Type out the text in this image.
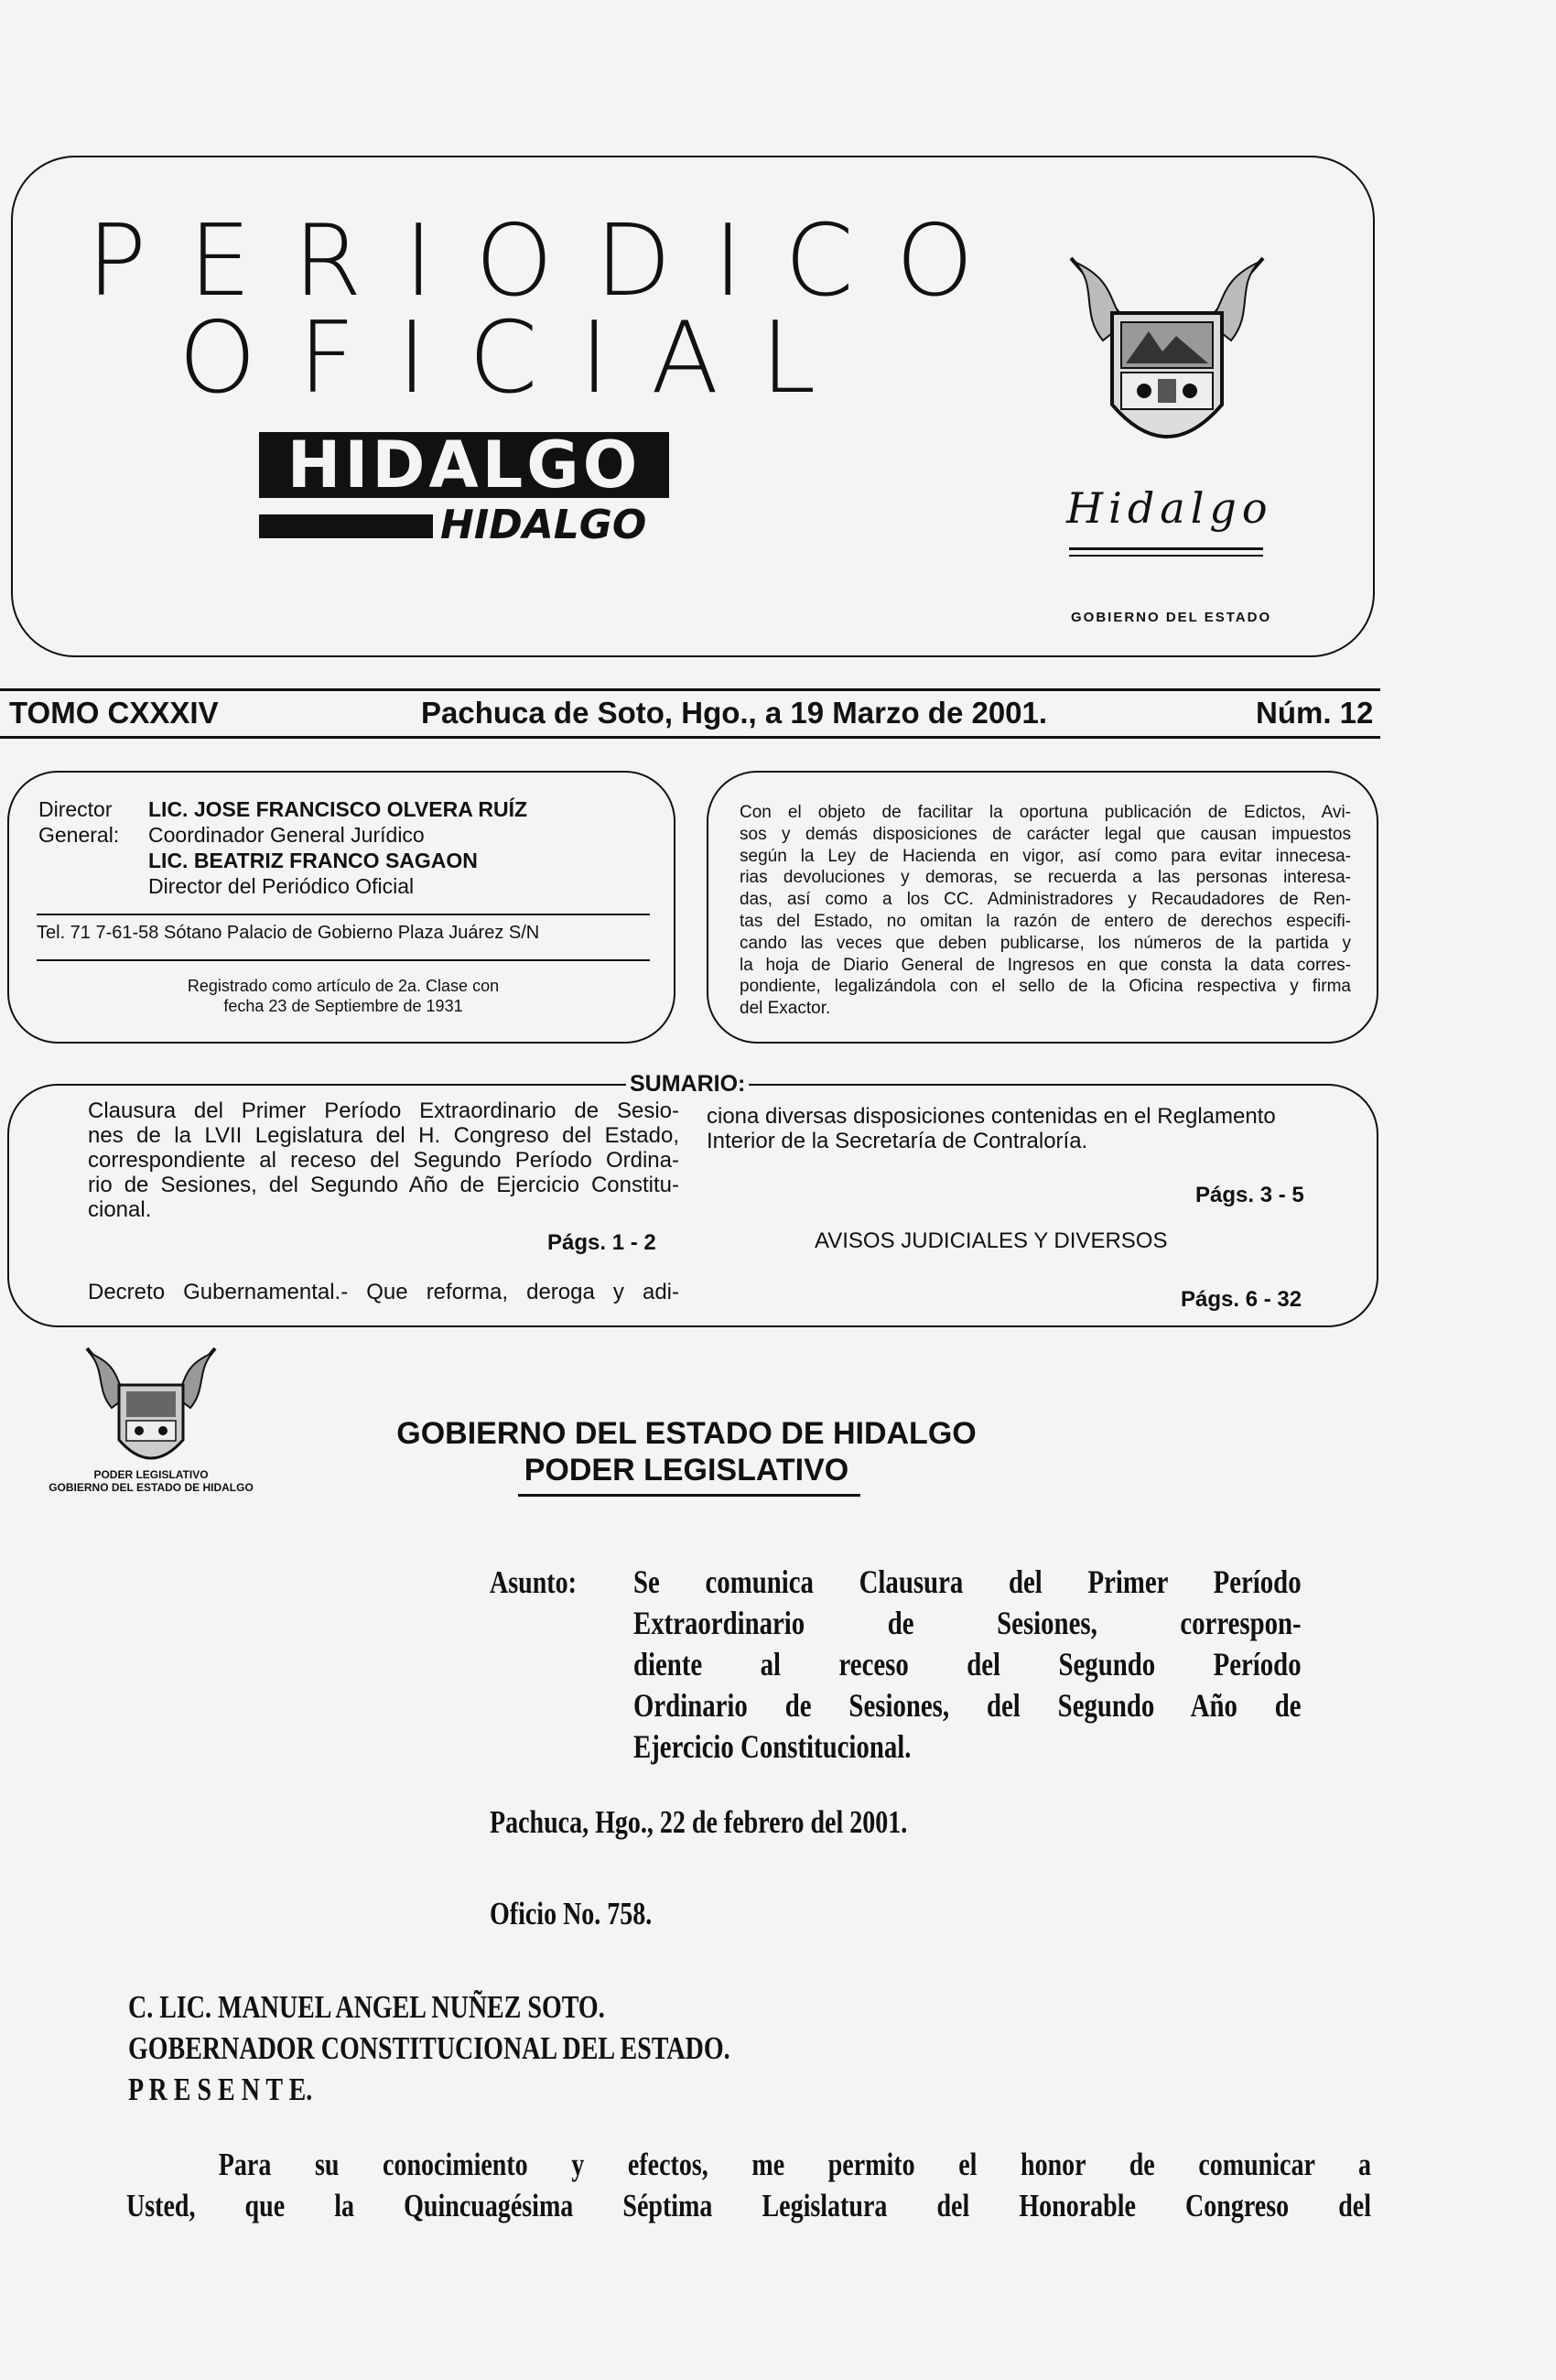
PERIODICO
OFICIAL
HIDALGO
HIDALGO	Hidalgo
GOBIERNO DEL ESTADO
TOMO CXXXIV	Pachuca de Soto, Hgo., a 19 Marzo de 2001.	Núm. 12
Director
General:
LIC. JOSE FRANCISCO OLVERA RUÍZ
Coordinador General Jurídico
LIC. BEATRIZ FRANCO SAGAON
Director del Periódico Oficial
Tel. 71 7-61-58 Sótano Palacio de Gobierno Plaza Juárez S/N
Registrado como artículo de 2a. Clase con
fecha 23 de Septiembre de 1931
Con el objeto de facilitar la oportuna publicación de Edictos, Avi-
sos y demás disposiciones de carácter legal que causan impuestos
según la Ley de Hacienda en vigor, así como para evitar innecesa-
rias devoluciones y demoras, se recuerda a las personas interesa-
das, así como a los CC. Administradores y Recaudadores de Ren-
tas del Estado, no omitan la razón de entero de derechos especifi-
cando las veces que deben publicarse, los números de la partida y
la hoja de Diario General de Ingresos en que consta la data corres-
pondiente, legalizándola con el sello de la Oficina respectiva y firma
del Exactor.
SUMARIO:
Clausura del Primer Período Extraordinario de Sesio-
nes de la LVII Legislatura del H. Congreso del Estado,
correspondiente al receso del Segundo Período Ordina-
rio de Sesiones, del Segundo Año de Ejercicio Constitu-
cional.
Págs. 1 - 2
Decreto Gubernamental.- Que reforma, deroga y adi-
ciona diversas disposiciones contenidas en el Reglamento
Interior de la Secretaría de Contraloría.
Págs. 3 - 5
AVISOS JUDICIALES Y DIVERSOS
Págs. 6 - 32
PODER LEGISLATIVO
GOBIERNO DEL ESTADO DE HIDALGO
GOBIERNO DEL ESTADO DE HIDALGO
PODER LEGISLATIVO
Asunto: Se comunica Clausura del Primer Período
Extraordinario de Sesiones, correspon-
diente al receso del Segundo Período
Ordinario de Sesiones, del Segundo Año de
Ejercicio Constitucional.
Pachuca, Hgo., 22 de febrero del 2001.
Oficio No. 758.
C. LIC. MANUEL ANGEL NUÑEZ SOTO.
GOBERNADOR CONSTITUCIONAL DEL ESTADO.
P R E S E N T E.
Para su conocimiento y efectos, me permito el honor de comunicar a
Usted, que la Quincuagésima Séptima Legislatura del Honorable Congreso del
